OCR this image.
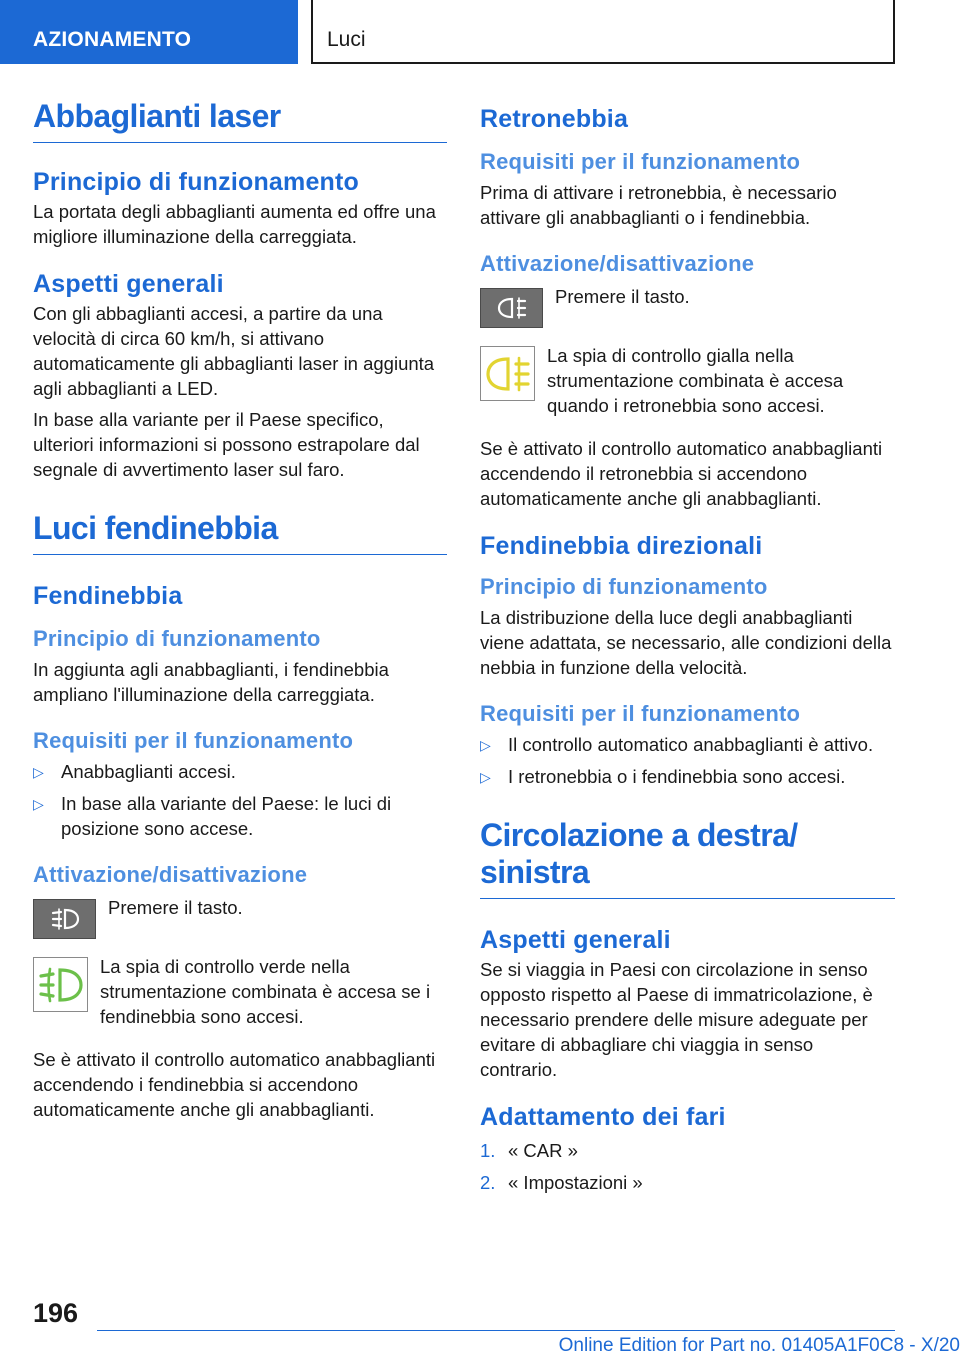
AZIONAMENTO	Luci
Abbaglianti laser
Principio di funzionamento
La portata degli abbaglianti aumenta ed offre una migliore illuminazione della carreggiata.
Aspetti generali
Con gli abbaglianti accesi, a partire da una velocità di circa 60 km/h, si attivano automaticamente gli abbaglianti laser in aggiunta agli abbaglianti a LED.
In base alla variante per il Paese specifico, ulteriori informazioni si possono estrapolare dal segnale di avvertimento laser sul faro.
Luci fendinebbia
Fendinebbia
Principio di funzionamento
In aggiunta agli anabbaglianti, i fendinebbia ampliano l'illuminazione della carreggiata.
Requisiti per il funzionamento
▷ Anabbaglianti accesi.
▷ In base alla variante del Paese: le luci di posizione sono accese.
Attivazione/disattivazione
Premere il tasto.
La spia di controllo verde nella strumentazione combinata è accesa se i fendinebbia sono accesi.
Se è attivato il controllo automatico anabbaglianti accendendo i fendinebbia si accendono automaticamente anche gli anabbaglianti.
Retronebbia
Requisiti per il funzionamento
Prima di attivare i retronebbia, è necessario attivare gli anabbaglianti o i fendinebbia.
Attivazione/disattivazione
Premere il tasto.
La spia di controllo gialla nella strumentazione combinata è accesa quando i retronebbia sono accesi.
Se è attivato il controllo automatico anabbaglianti accendendo il retronebbia si accendono automaticamente anche gli anabbaglianti.
Fendinebbia direzionali
Principio di funzionamento
La distribuzione della luce degli anabbaglianti viene adattata, se necessario, alle condizioni della nebbia in funzione della velocità.
Requisiti per il funzionamento
▷ Il controllo automatico anabbaglianti è attivo.
▷ I retronebbia o i fendinebbia sono accesi.
Circolazione a destra/ sinistra
Aspetti generali
Se si viaggia in Paesi con circolazione in senso opposto rispetto al Paese di immatricolazione, è necessario prendere delle misure adeguate per evitare di abbagliare chi viaggia in senso contrario.
Adattamento dei fari
1. « CAR »
2. « Impostazioni »
196
Online Edition for Part no. 01405A1F0C8 - X/20
